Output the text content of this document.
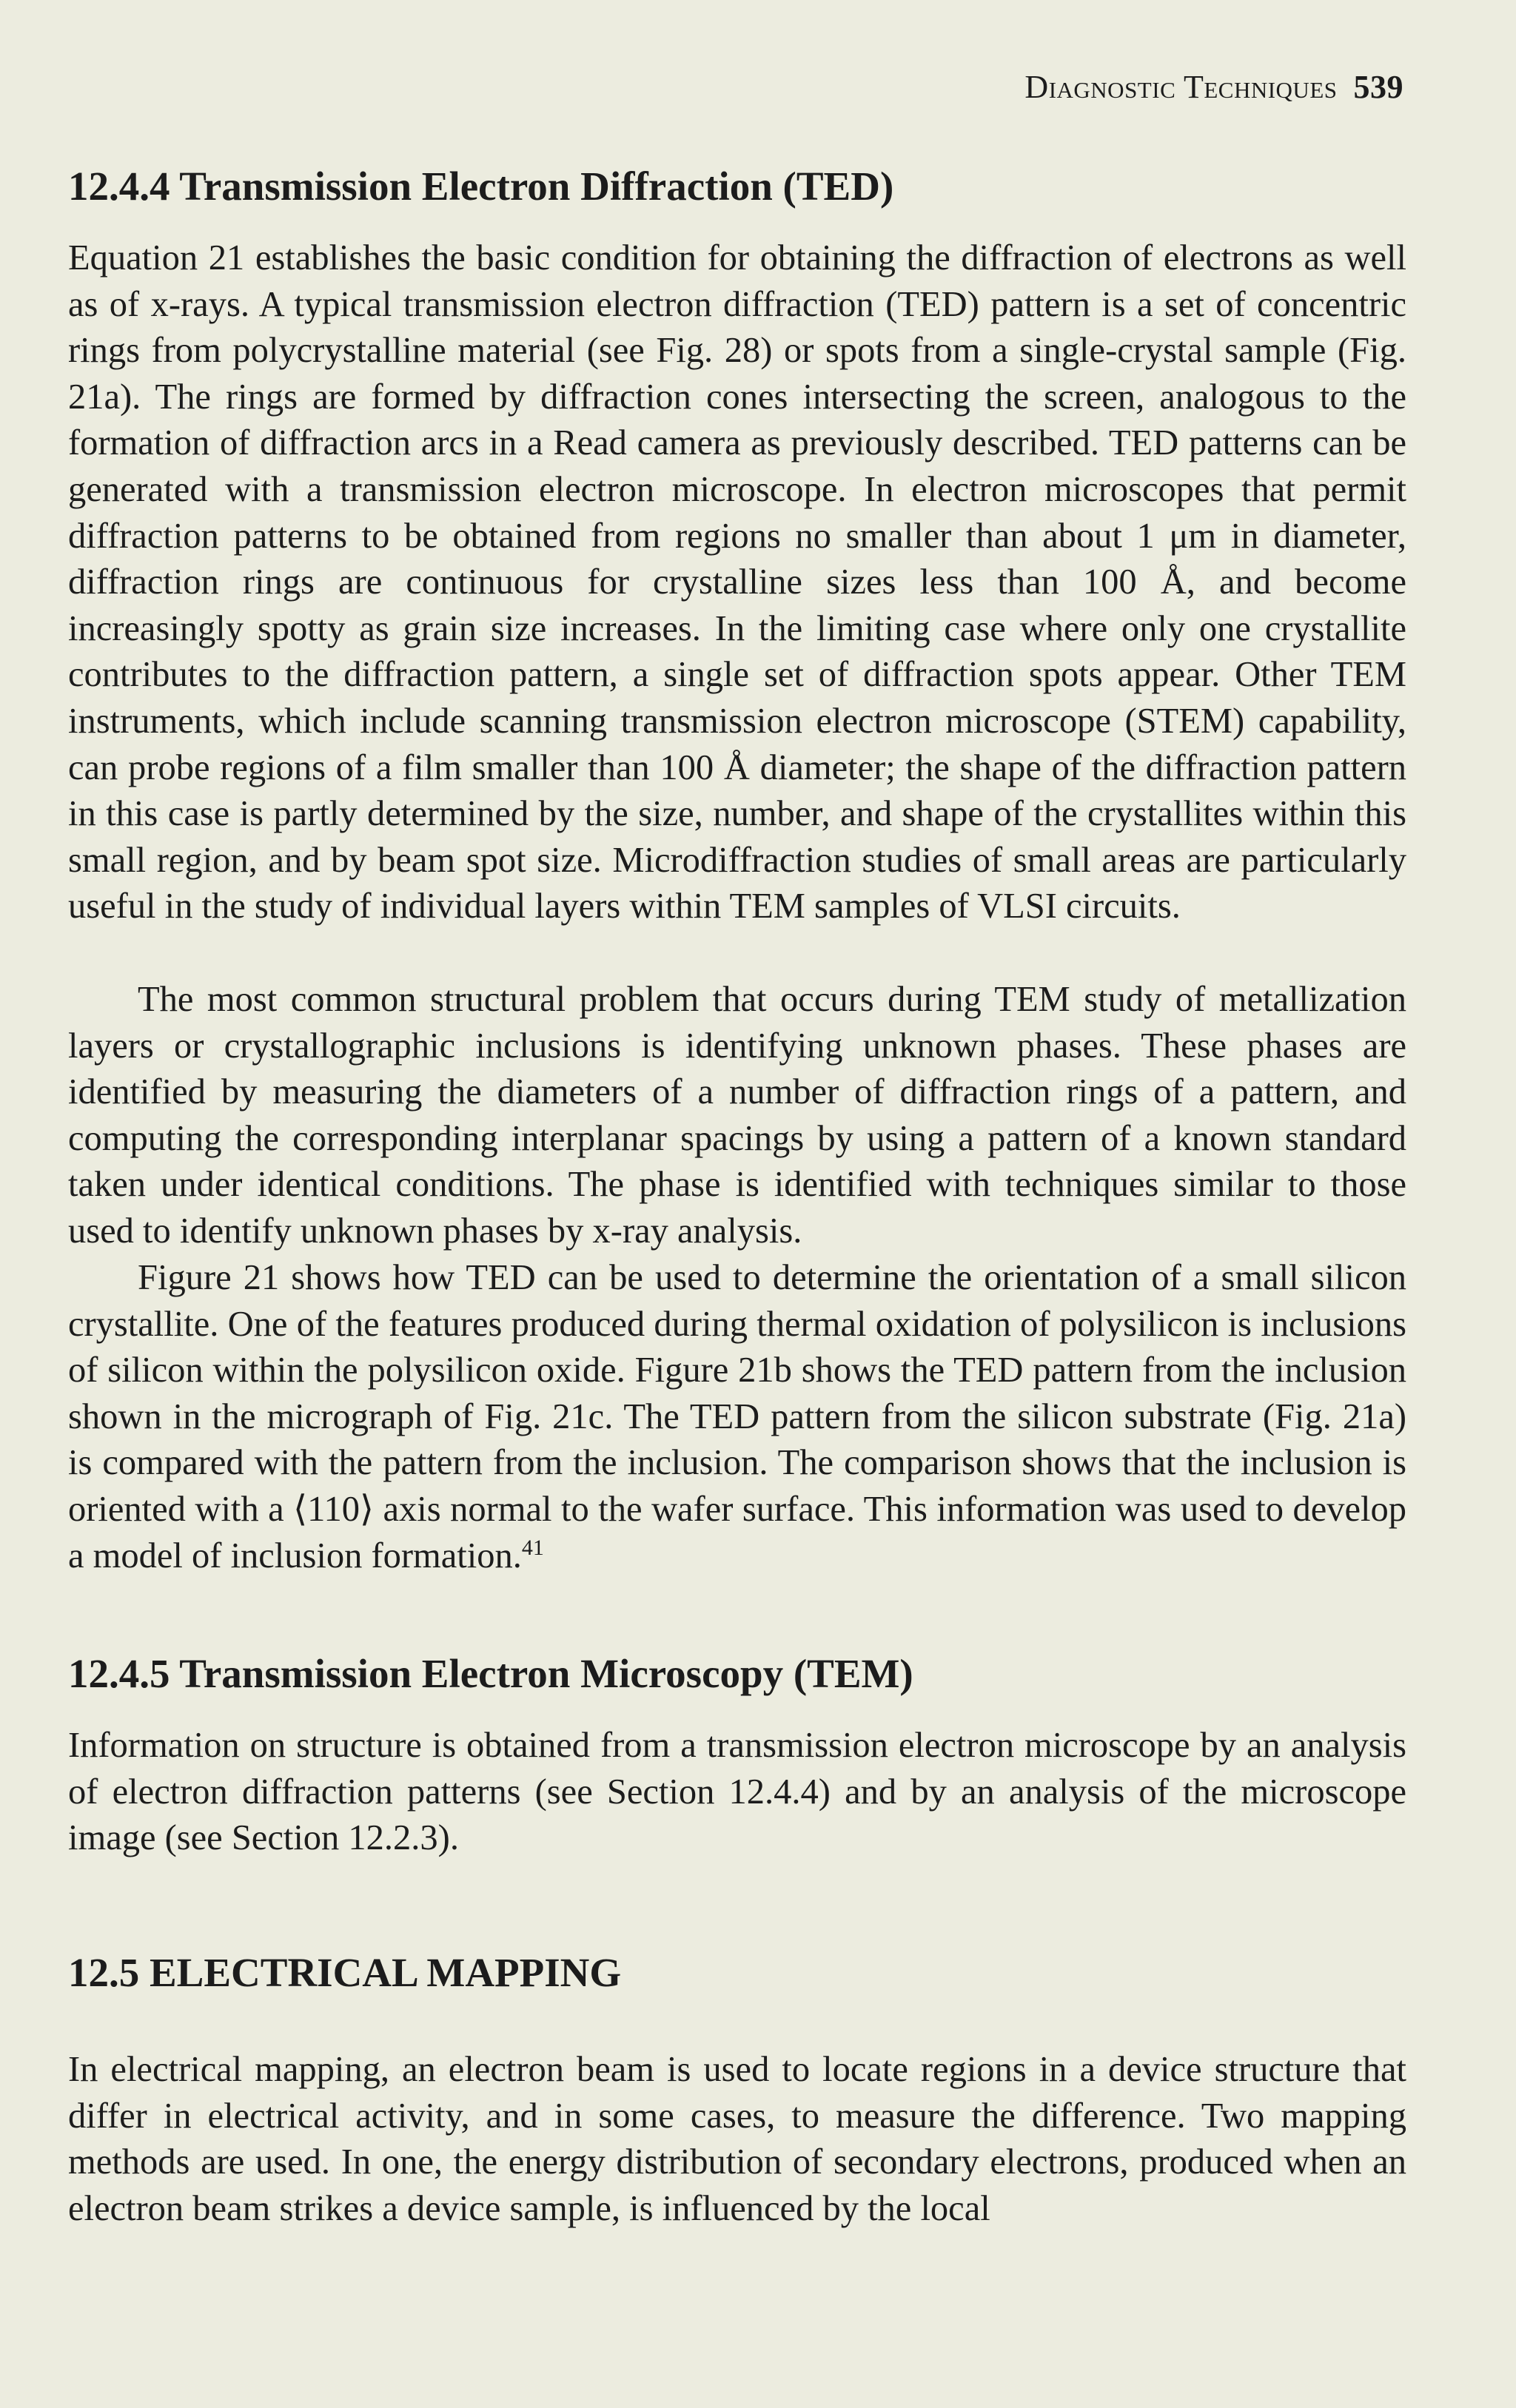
Diagnostic Techniques 539
12.4.4 Transmission Electron Diffraction (TED)

Equation 21 establishes the basic condition for obtaining the diffraction of electrons as well as of x-rays. A typical transmission electron diffraction (TED) pattern is a set of concentric rings from polycrystalline material (see Fig. 28) or spots from a single-crystal sample (Fig. 21a). The rings are formed by diffraction cones intersecting the screen, analogous to the formation of diffraction arcs in a Read camera as previously described. TED patterns can be generated with a transmission electron microscope. In electron microscopes that permit diffraction patterns to be obtained from regions no smaller than about 1 μm in diameter, diffraction rings are continuous for crystalline sizes less than 100 Å, and become increasingly spotty as grain size increases. In the limiting case where only one crystallite contributes to the diffraction pattern, a single set of diffraction spots appear. Other TEM instruments, which include scanning transmission electron microscope (STEM) capability, can probe regions of a film smaller than 100 Å diameter; the shape of the diffraction pattern in this case is partly determined by the size, number, and shape of the crystallites within this small region, and by beam spot size. Microdiffraction studies of small areas are particularly useful in the study of individual layers within TEM samples of VLSI circuits.

The most common structural problem that occurs during TEM study of metallization layers or crystallographic inclusions is identifying unknown phases. These phases are identified by measuring the diameters of a number of diffraction rings of a pattern, and computing the corresponding interplanar spacings by using a pattern of a known standard taken under identical conditions. The phase is identified with techniques similar to those used to identify unknown phases by x-ray analysis.

Figure 21 shows how TED can be used to determine the orientation of a small silicon crystallite. One of the features produced during thermal oxidation of polysilicon is inclusions of silicon within the polysilicon oxide. Figure 21b shows the TED pattern from the inclusion shown in the micrograph of Fig. 21c. The TED pattern from the silicon substrate (Fig. 21a) is compared with the pattern from the inclusion. The comparison shows that the inclusion is oriented with a ⟨110⟩ axis normal to the wafer surface. This information was used to develop a model of inclusion formation.$^{41}$

12.4.5 Transmission Electron Microscopy (TEM)

Information on structure is obtained from a transmission electron microscope by an analysis of electron diffraction patterns (see Section 12.4.4) and by an analysis of the microscope image (see Section 12.2.3).

12.5 ELECTRICAL MAPPING

In electrical mapping, an electron beam is used to locate regions in a device structure that differ in electrical activity, and in some cases, to measure the difference. Two mapping methods are used. In one, the energy distribution of secondary electrons, produced when an electron beam strikes a device sample, is influenced by the local
